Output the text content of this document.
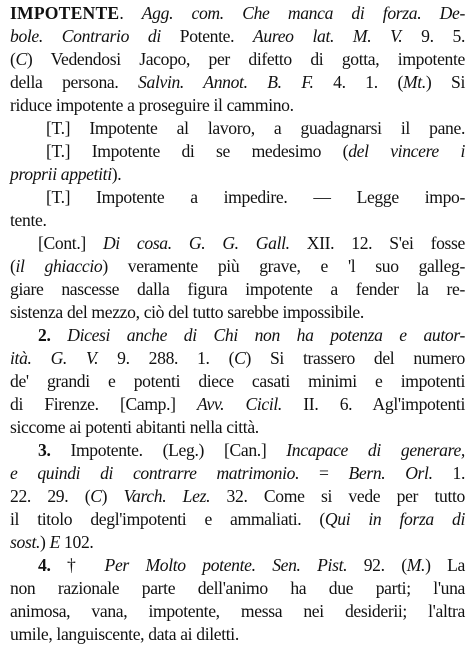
IMPOTENTE. Agg. com. Che manca di forza. De-
bole. Contrario di Potente. Aureo lat. M. V. 9. 5.
(C) Vedendosi Jacopo, per difetto di gotta, impotente
della persona. Salvin. Annot. B. F. 4. 1. (Mt.) Si
riduce impotente a proseguire il cammino.
[T.] Impotente al lavoro, a guadagnarsi il pane.
[T.] Impotente di se medesimo (del vincere i
proprii appetiti).
[T.] Impotente a impedire. — Legge impo-
tente.
[Cont.] Di cosa. G. G. Gall. XII. 12. S'ei fosse
(il ghiaccio) veramente più grave, e 'l suo galleg-
giare nascesse dalla figura impotente a fender la re-
sistenza del mezzo, ciò del tutto sarebbe impossibile.
2. Dicesi anche di Chi non ha potenza e autor-
ità. G. V. 9. 288. 1. (C) Si trassero del numero
de' grandi e potenti diece casati minimi e impotenti
di Firenze. [Camp.] Avv. Cicil. II. 6. Agl'impotenti
siccome ai potenti abitanti nella città.
3. Impotente. (Leg.) [Can.] Incapace di generare,
e quindi di contrarre matrimonio. = Bern. Orl. 1.
22. 29. (C) Varch. Lez. 32. Come si vede per tutto
il titolo degl'impotenti e ammaliati. (Qui in forza di
sost.) E 102.
4. † Per Molto potente. Sen. Pist. 92. (M.) La
non razionale parte dell'animo ha due parti; l'una
animosa, vana, impotente, messa nei desiderii; l'altra
umile, languiscente, data ai diletti.
